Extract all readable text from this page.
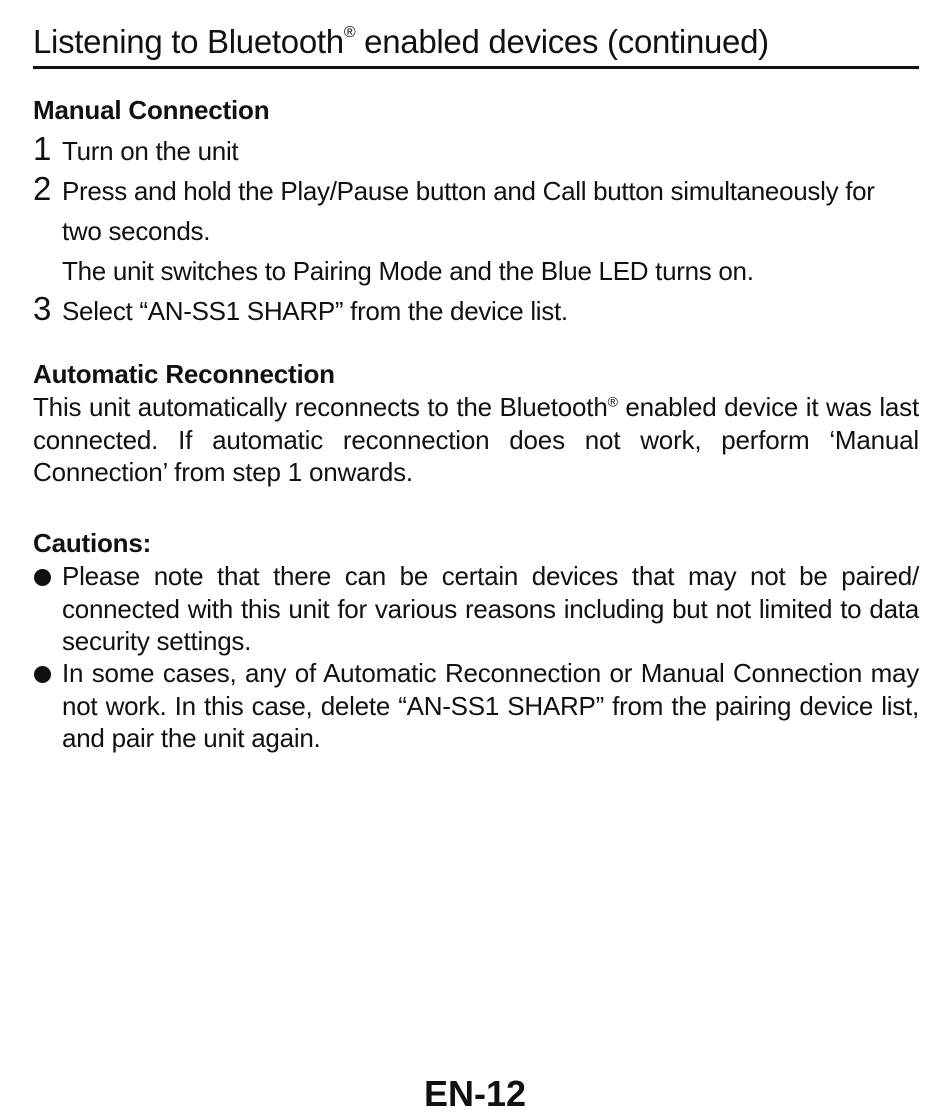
Listening to Bluetooth® enabled devices (continued)
Manual Connection
1 Turn on the unit
2 Press and hold the Play/Pause button and Call button simultaneously for two seconds.
The unit switches to Pairing Mode and the Blue LED turns on.
3 Select “AN-SS1 SHARP” from the device list.
Automatic Reconnection

This unit automatically reconnects to the Bluetooth® enabled device it was last connected. If automatic reconnection does not work, perform ‘Manual Connection’ from step 1 onwards.

Cautions:
Please note that there can be certain devices that may not be paired/ connected with this unit for various reasons including but not limited to data security settings.
In some cases, any of Automatic Reconnection or Manual Connection may not work. In this case, delete “AN-SS1 SHARP” from the pairing device list, and pair the unit again.
EN-12
